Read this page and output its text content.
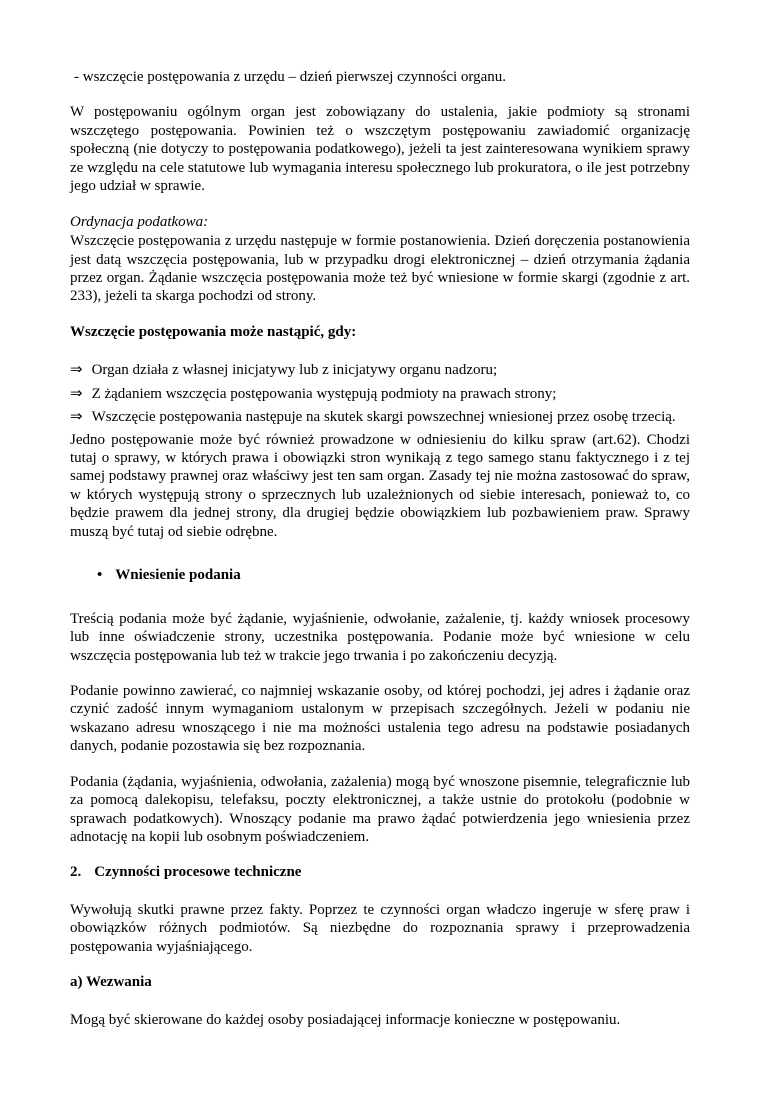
- wszczęcie postępowania z urzędu – dzień pierwszej czynności organu.

W postępowaniu ogólnym organ jest zobowiązany do ustalenia, jakie podmioty są stronami wszczętego postępowania. Powinien też o wszczętym postępowaniu zawiadomić organizację społeczną (nie dotyczy to postępowania podatkowego), jeżeli ta jest zainteresowana wynikiem sprawy ze względu na cele statutowe lub wymagania interesu społecznego lub prokuratora, o ile jest potrzebny jego udział w sprawie.

Ordynacja podatkowa:

Wszczęcie postępowania z urzędu następuje w formie postanowienia. Dzień doręczenia postanowienia jest datą wszczęcia postępowania, lub w przypadku drogi elektronicznej – dzień otrzymania żądania przez organ. Żądanie wszczęcia postępowania może też być wniesione w formie skargi (zgodnie z art. 233), jeżeli ta skarga pochodzi od strony.

Wszczęcie postępowania może nastąpić, gdy:

⇒ Organ działa z własnej inicjatywy lub z inicjatywy organu nadzoru;

⇒ Z żądaniem wszczęcia postępowania występują podmioty na prawach strony;

⇒ Wszczęcie postępowania następuje na skutek skargi powszechnej wniesionej przez osobę trzecią.

Jedno postępowanie może być również prowadzone w odniesieniu do kilku spraw (art.62). Chodzi tutaj o sprawy, w których prawa i obowiązki stron wynikają z tego samego stanu faktycznego i z tej samej podstawy prawnej oraz właściwy jest ten sam organ. Zasady tej nie można zastosować do spraw, w których występują strony o sprzecznych lub uzależnionych od siebie interesach, ponieważ to, co będzie prawem dla jednej strony, dla drugiej będzie obowiązkiem lub pozbawieniem praw. Sprawy muszą być tutaj od siebie odrębne.

• Wniesienie podania

Treścią podania może być żądanie, wyjaśnienie, odwołanie, zażalenie, tj. każdy wniosek procesowy lub inne oświadczenie strony, uczestnika postępowania. Podanie może być wniesione w celu wszczęcia postępowania lub też w trakcie jego trwania i po zakończeniu decyzją.

Podanie powinno zawierać, co najmniej wskazanie osoby, od której pochodzi, jej adres i żądanie oraz czynić zadość innym wymaganiom ustalonym w przepisach szczegółnych. Jeżeli w podaniu nie wskazano adresu wnoszącego i nie ma możności ustalenia tego adresu na podstawie posiadanych danych, podanie pozostawia się bez rozpoznania.

Podania (żądania, wyjaśnienia, odwołania, zażalenia) mogą być wnoszone pisemnie, telegraficznie lub za pomocą dalekopisu, telefaksu, poczty elektronicznej, a także ustnie do protokołu (podobnie w sprawach podatkowych). Wnoszący podanie ma prawo żądać potwierdzenia jego wniesienia przez adnotację na kopii lub osobnym poświadczeniem.

2. Czynności procesowe techniczne

Wywołują skutki prawne przez fakty. Poprzez te czynności organ władczo ingeruje w sferę praw i obowiązków różnych podmiotów. Są niezbędne do rozpoznania sprawy i przeprowadzenia postępowania wyjaśniającego.

a) Wezwania

Mogą być skierowane do każdej osoby posiadającej informacje konieczne w postępowaniu.
